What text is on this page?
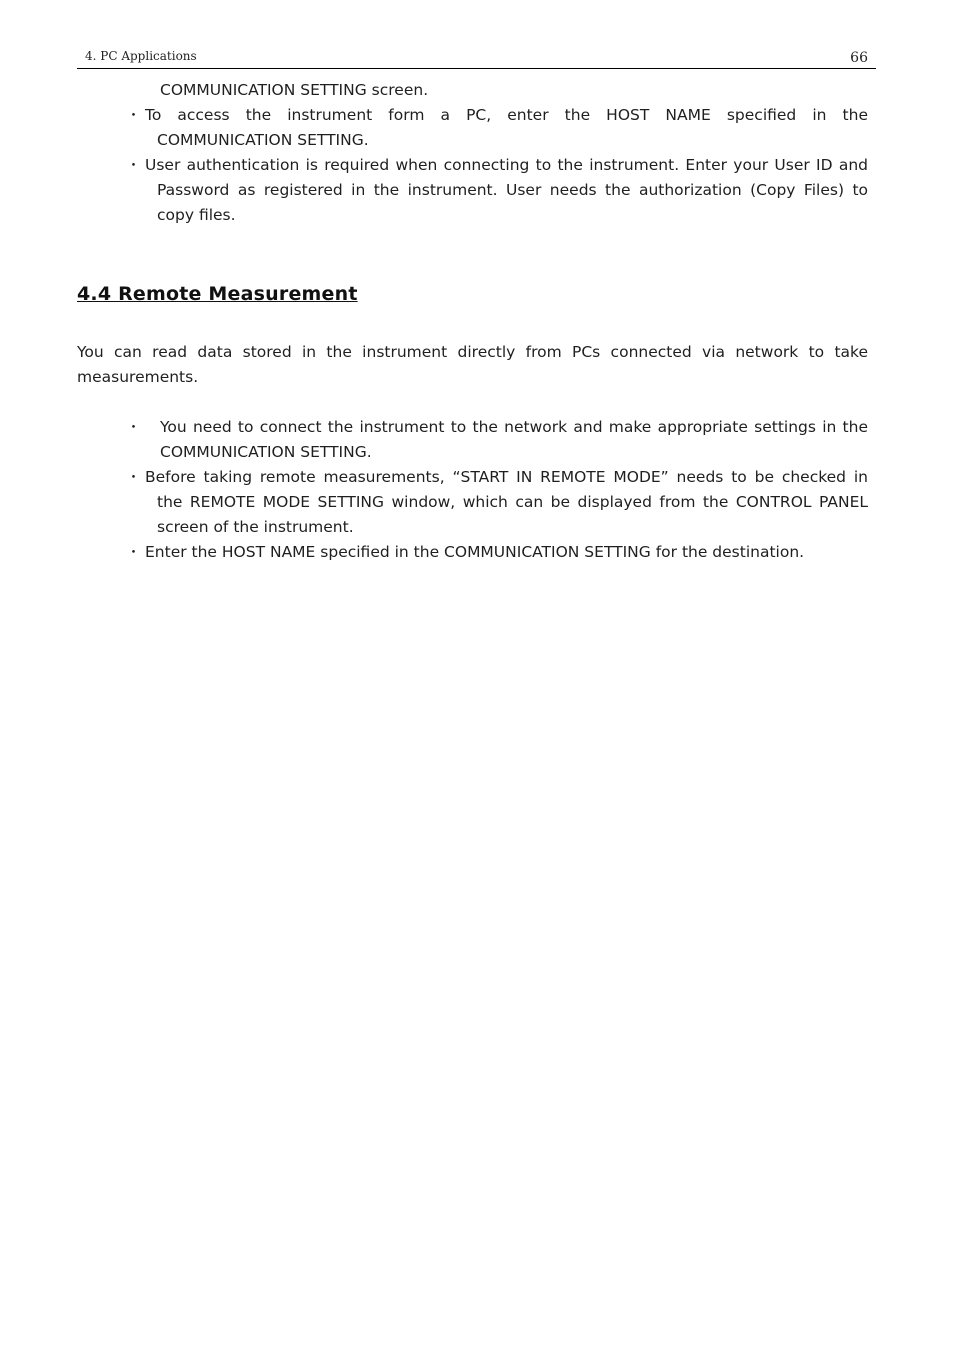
4. PC Applications	66
COMMUNICATION SETTING screen.
・ To access the instrument form a PC, enter the HOST NAME specified in the
COMMUNICATION SETTING.
・ User authentication is required when connecting to the instrument. Enter your User ID and
Password as registered in the instrument. User needs the authorization (Copy Files) to
copy files.
4.4 Remote Measurement
You can read data stored in the instrument directly from PCs connected via network to take
measurements.
・ You need to connect the instrument to the network and make appropriate settings in the
COMMUNICATION SETTING.
・ Before taking remote measurements, “START IN REMOTE MODE” needs to be checked in
the REMOTE MODE SETTING window, which can be displayed from the CONTROL PANEL
screen of the instrument.
・ Enter the HOST NAME specified in the COMMUNICATION SETTING for the destination.
